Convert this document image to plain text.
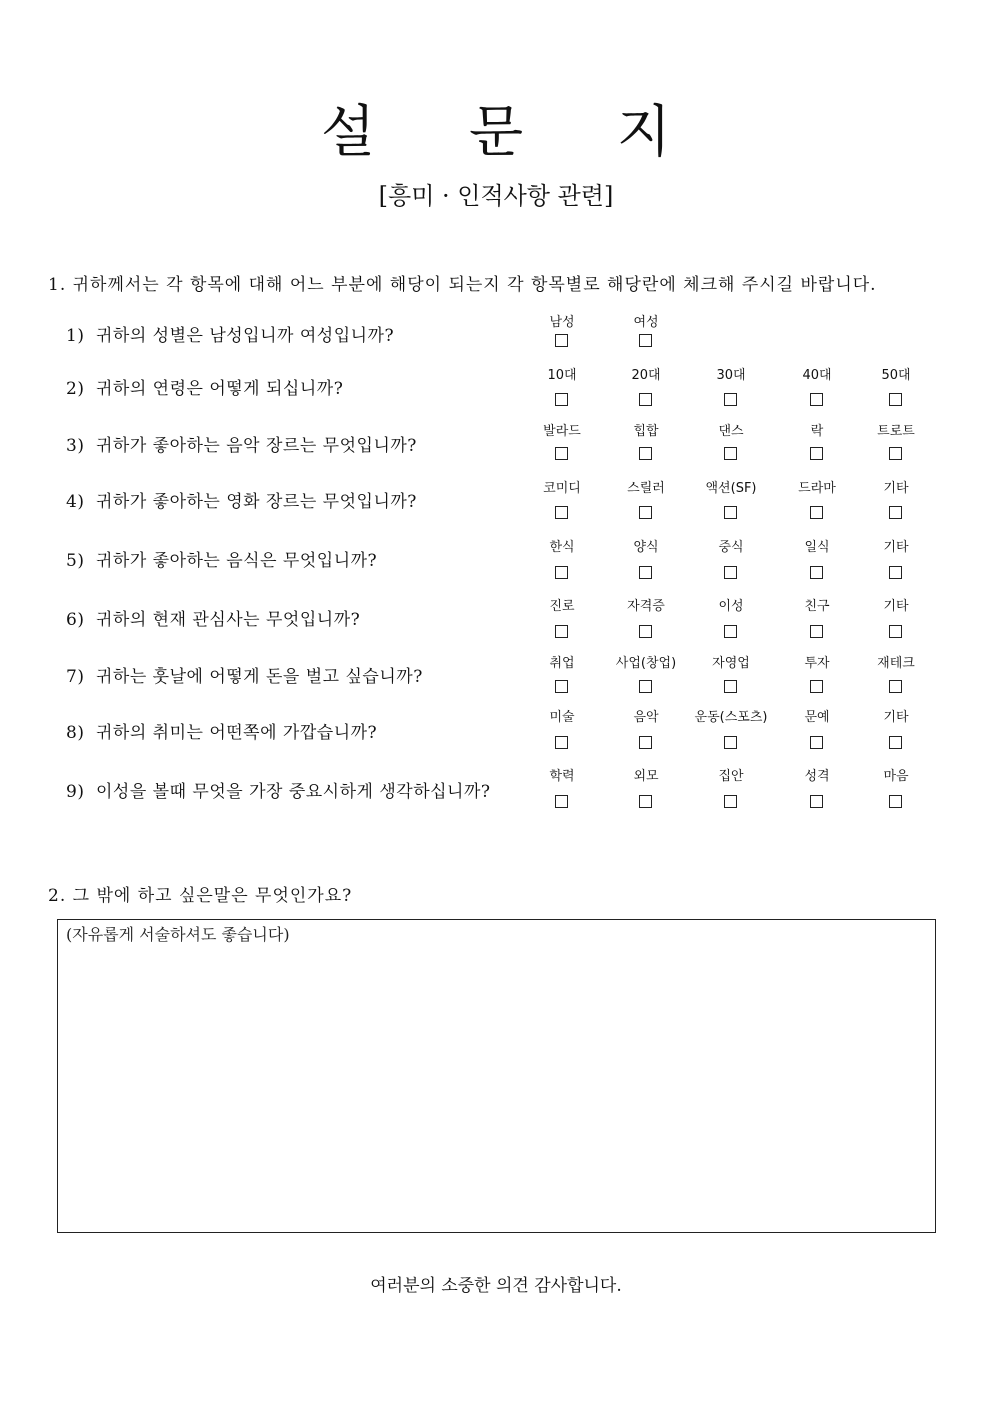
설 문 지
[흥미 · 인적사항 관련]
1. 귀하께서는 각 항목에 대해 어느 부분에 해당이 되는지 각 항목별로 해당란에 체크해 주시길 바랍니다.
1) 귀하의 성별은 남성입니까 여성입니까?
남성	여성
2) 귀하의 연령은 어떻게 되십니까?
10대	20대	30대	40대	50대
3) 귀하가 좋아하는 음악 장르는 무엇입니까?
발라드	힙합	댄스	락	트로트
4) 귀하가 좋아하는 영화 장르는 무엇입니까?
코미디	스릴러	액션(SF)	드라마	기타
5) 귀하가 좋아하는 음식은 무엇입니까?
한식	양식	중식	일식	기타
6) 귀하의 현재 관심사는 무엇입니까?
진로	자격증	이성	친구	기타
7) 귀하는 훗날에 어떻게 돈을 벌고 싶습니까?
취업	사업(창업)	자영업	투자	재테크
8) 귀하의 취미는 어떤쪽에 가깝습니까?
미술	음악	운동(스포츠)	문예	기타
9) 이성을 볼때 무엇을 가장 중요시하게 생각하십니까?
학력	외모	집안	성격	마음
2. 그 밖에 하고 싶은말은 무엇인가요?
(자유롭게 서술하셔도 좋습니다)
여러분의 소중한 의견 감사합니다.
